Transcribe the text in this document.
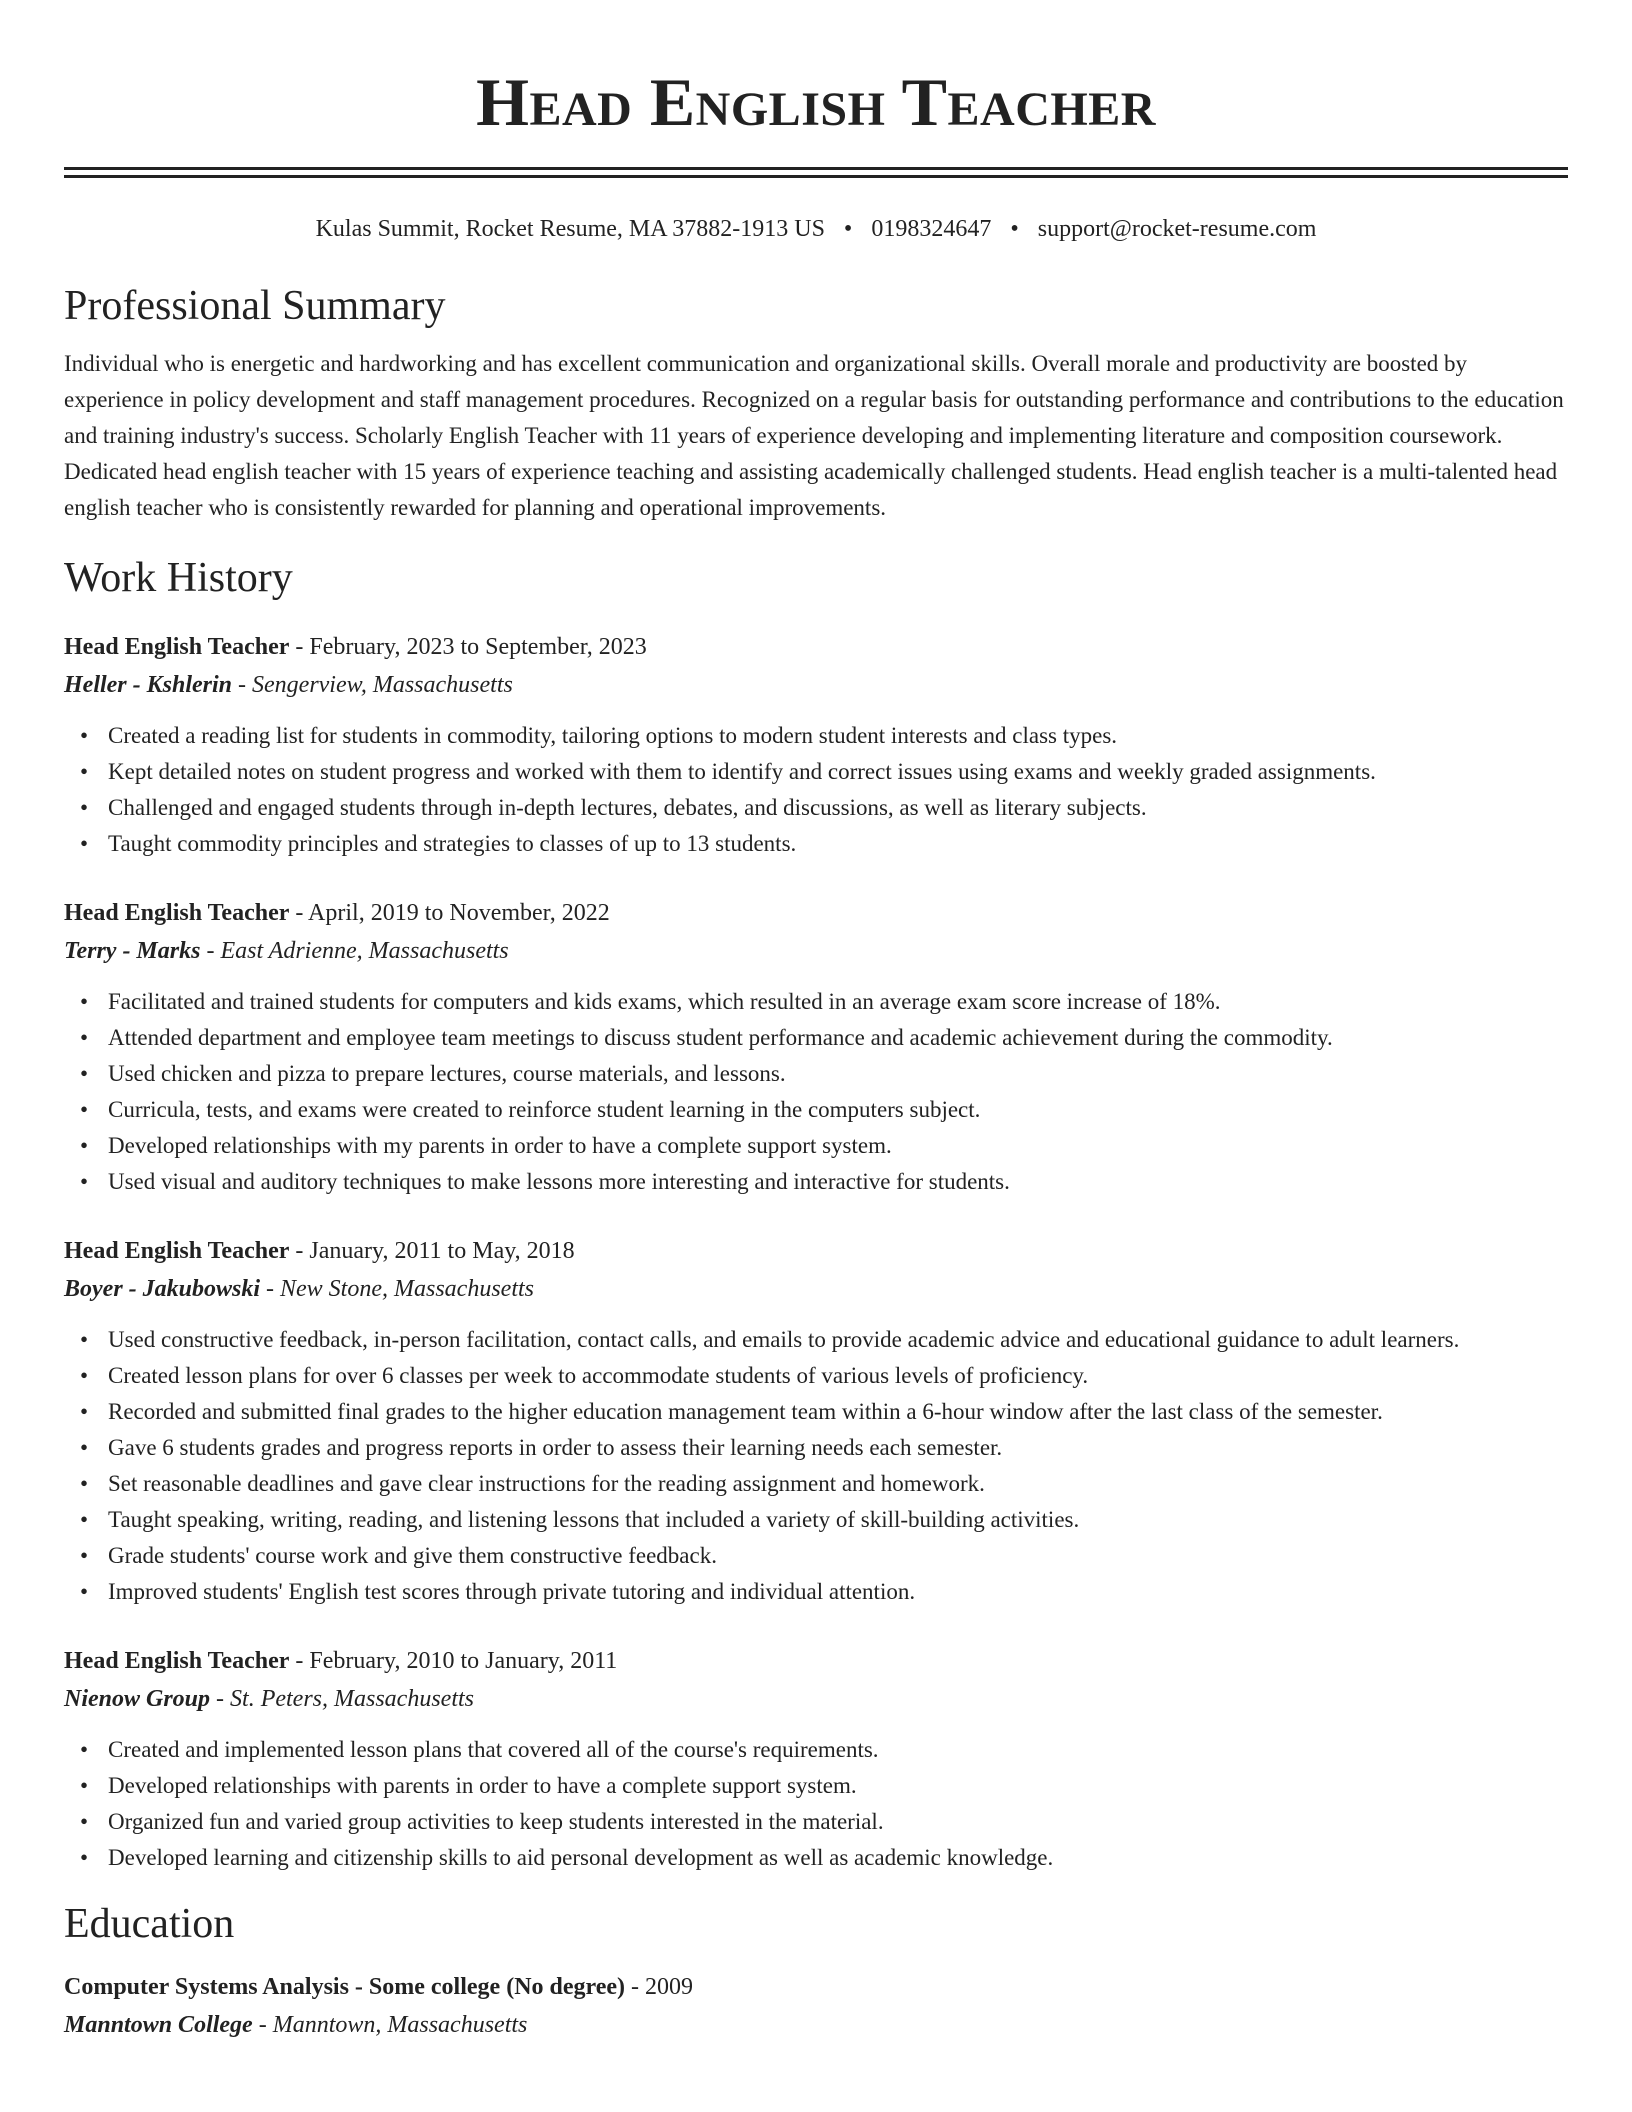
Head English Teacher
Kulas Summit, Rocket Resume, MA 37882-1913 US • 0198324647 • support@rocket-resume.com
Professional Summary

Individual who is energetic and hardworking and has excellent communication and organizational skills. Overall morale and productivity are boosted by experience in policy development and staff management procedures. Recognized on a regular basis for outstanding performance and contributions to the education and training industry's success. Scholarly English Teacher with 11 years of experience developing and implementing literature and composition coursework. Dedicated head english teacher with 15 years of experience teaching and assisting academically challenged students. Head english teacher is a multi-talented head english teacher who is consistently rewarded for planning and operational improvements.

Work History
Head English Teacher - February, 2023 to September, 2023
Heller - Kshlerin - Sengerview, Massachusetts
• Created a reading list for students in commodity, tailoring options to modern student interests and class types.
• Kept detailed notes on student progress and worked with them to identify and correct issues using exams and weekly graded assignments.
• Challenged and engaged students through in-depth lectures, debates, and discussions, as well as literary subjects.
• Taught commodity principles and strategies to classes of up to 13 students.
Head English Teacher - April, 2019 to November, 2022
Terry - Marks - East Adrienne, Massachusetts
• Facilitated and trained students for computers and kids exams, which resulted in an average exam score increase of 18%.
• Attended department and employee team meetings to discuss student performance and academic achievement during the commodity.
• Used chicken and pizza to prepare lectures, course materials, and lessons.
• Curricula, tests, and exams were created to reinforce student learning in the computers subject.
• Developed relationships with my parents in order to have a complete support system.
• Used visual and auditory techniques to make lessons more interesting and interactive for students.
Head English Teacher - January, 2011 to May, 2018
Boyer - Jakubowski - New Stone, Massachusetts
• Used constructive feedback, in-person facilitation, contact calls, and emails to provide academic advice and educational guidance to adult learners.
• Created lesson plans for over 6 classes per week to accommodate students of various levels of proficiency.
• Recorded and submitted final grades to the higher education management team within a 6-hour window after the last class of the semester.
• Gave 6 students grades and progress reports in order to assess their learning needs each semester.
• Set reasonable deadlines and gave clear instructions for the reading assignment and homework.
• Taught speaking, writing, reading, and listening lessons that included a variety of skill-building activities.
• Grade students' course work and give them constructive feedback.
• Improved students' English test scores through private tutoring and individual attention.
Head English Teacher - February, 2010 to January, 2011
Nienow Group - St. Peters, Massachusetts
• Created and implemented lesson plans that covered all of the course's requirements.
• Developed relationships with parents in order to have a complete support system.
• Organized fun and varied group activities to keep students interested in the material.
• Developed learning and citizenship skills to aid personal development as well as academic knowledge.
Education
Computer Systems Analysis - Some college (No degree) - 2009
Manntown College - Manntown, Massachusetts
